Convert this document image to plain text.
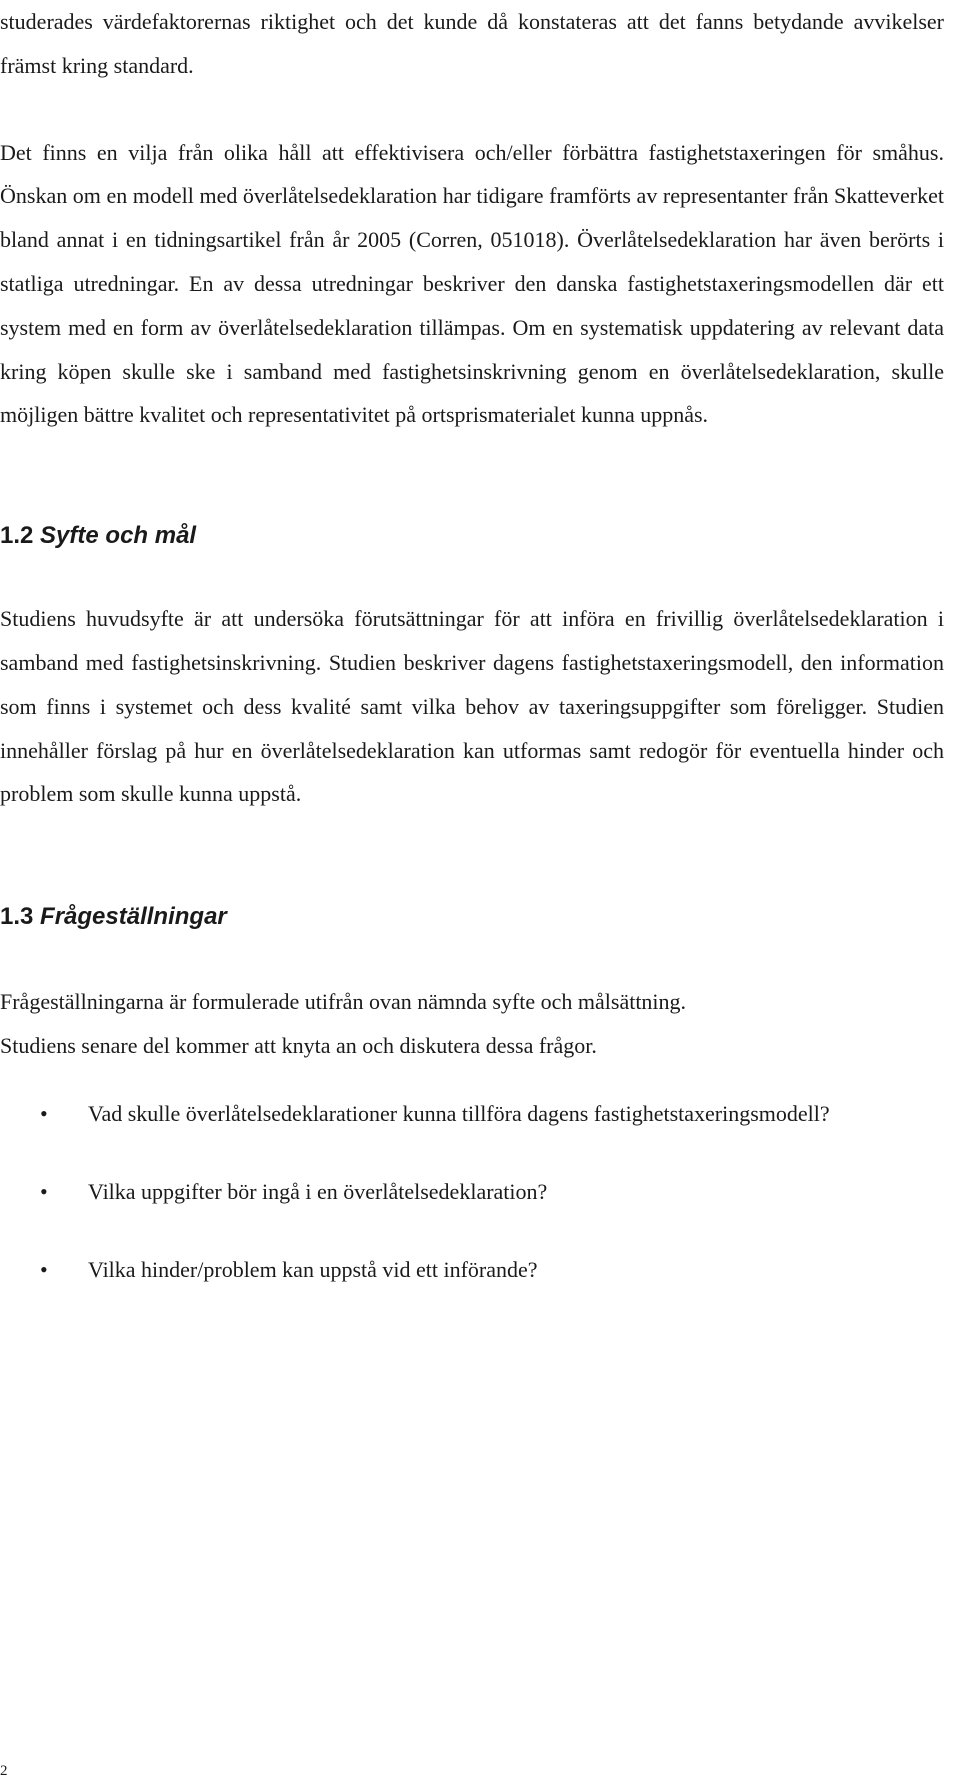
studerades värdefaktorernas riktighet och det kunde då konstateras att det fanns betydande avvikelser främst kring standard.

Det finns en vilja från olika håll att effektivisera och/eller förbättra fastighetstaxeringen för småhus. Önskan om en modell med överlåtelsedeklaration har tidigare framförts av representanter från Skatteverket bland annat i en tidningsartikel från år 2005 (Corren, 051018). Överlåtelsedeklaration har även berörts i statliga utredningar. En av dessa utredningar beskriver den danska fastighetstaxeringsmodellen där ett system med en form av överlåtelsedeklaration tillämpas. Om en systematisk uppdatering av relevant data kring köpen skulle ske i samband med fastighetsinskrivning genom en överlåtelsedeklaration, skulle möjligen bättre kvalitet och representativitet på ortsprismaterialet kunna uppnås.

1.2 Syfte och mål

Studiens huvudsyfte är att undersöka förutsättningar för att införa en frivillig överlåtelsedeklaration i samband med fastighetsinskrivning. Studien beskriver dagens fastighetstaxeringsmodell, den information som finns i systemet och dess kvalité samt vilka behov av taxeringsuppgifter som föreligger. Studien innehåller förslag på hur en överlåtelsedeklaration kan utformas samt redogör för eventuella hinder och problem som skulle kunna uppstå.

1.3 Frågeställningar

Frågeställningarna är formulerade utifrån ovan nämnda syfte och målsättning.

Studiens senare del kommer att knyta an och diskutera dessa frågor.

• Vad skulle överlåtelsedeklarationer kunna tillföra dagens fastighetstaxeringsmodell?
• Vilka uppgifter bör ingå i en överlåtelsedeklaration?
• Vilka hinder/problem kan uppstå vid ett införande?
2
